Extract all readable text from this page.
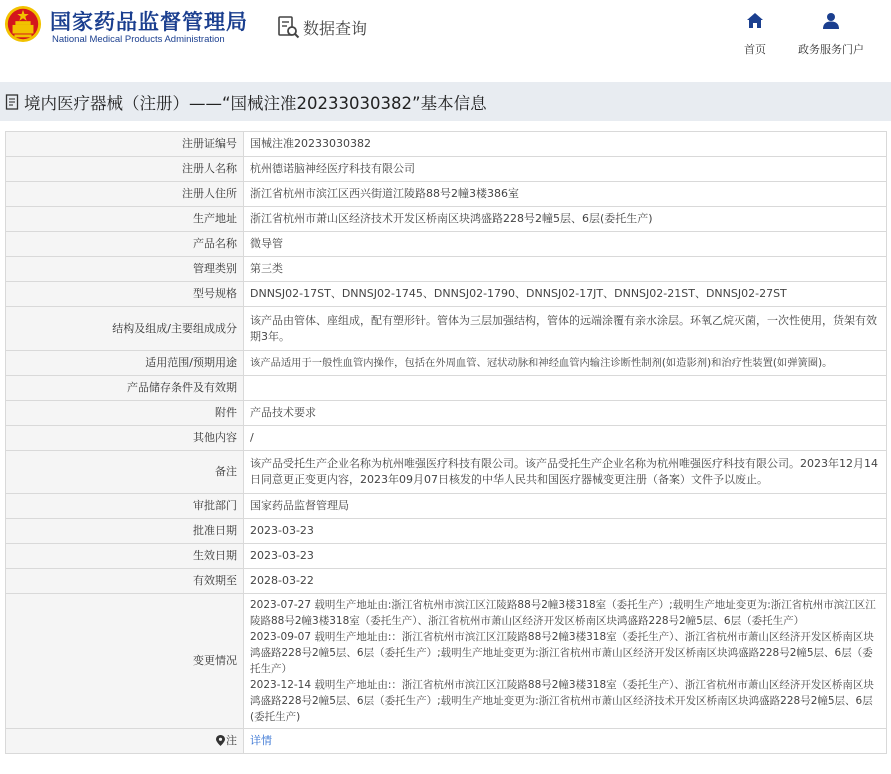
国家药品监督管理局
National Medical Products Administration
数据查询
首页	政务服务门户
境内医疗器械（注册）——“国械注准20233030382”基本信息
注册证编号	国械注准20233030382
注册人名称	杭州德诺脑神经医疗科技有限公司
注册人住所	浙江省杭州市滨江区西兴街道江陵路88号2幢3楼386室
生产地址	浙江省杭州市萧山区经济技术开发区桥南区块鸿盛路228号2幢5层、6层(委托生产)
产品名称	微导管
管理类别	第三类
型号规格	DNNSJ02-17ST、DNNSJ02-1745、DNNSJ02-1790、DNNSJ02-17JT、DNNSJ02-21ST、DNNSJ02-27ST
结构及组成/主要组成成分	该产品由管体、座组成，配有塑形针。管体为三层加强结构，管体的远端涂覆有亲水涂层。环氧乙烷灭菌，一次性使用，货架有效期3年。
适用范围/预期用途	该产品适用于一般性血管内操作，包括在外周血管、冠状动脉和神经血管内输注诊断性制剂(如造影剂)和治疗性装置(如弹簧圈)。
产品储存条件及有效期	
附件	产品技术要求
其他内容	/
备注	该产品受托生产企业名称为杭州唯强医疗科技有限公司。该产品受托生产企业名称为杭州唯强医疗科技有限公司。2023年12月14日同意更正变更内容，2023年09月07日核发的中华人民共和国医疗器械变更注册（备案）文件予以废止。
审批部门	国家药品监督管理局
批准日期	2023-03-23
生效日期	2023-03-23
有效期至	2028-03-22
变更情况	2023-07-27 载明生产地址由:浙江省杭州市滨江区江陵路88号2幢3楼318室（委托生产）;载明生产地址变更为:浙江省杭州市滨江区江陵路88号2幢3楼318室（委托生产）、浙江省杭州市萧山区经济开发区桥南区块鸿盛路228号2幢5层、6层（委托生产）
2023-09-07 载明生产地址由:：浙江省杭州市滨江区江陵路88号2幢3楼318室（委托生产）、浙江省杭州市萧山区经济开发区桥南区块鸿盛路228号2幢5层、6层（委托生产）;载明生产地址变更为:浙江省杭州市萧山区经济开发区桥南区块鸿盛路228号2幢5层、6层（委托生产）
2023-12-14 载明生产地址由:：浙江省杭州市滨江区江陵路88号2幢3楼318室（委托生产）、浙江省杭州市萧山区经济开发区桥南区块鸿盛路228号2幢5层、6层（委托生产）;载明生产地址变更为:浙江省杭州市萧山区经济技术开发区桥南区块鸿盛路228号2幢5层、6层(委托生产)

注	详情
